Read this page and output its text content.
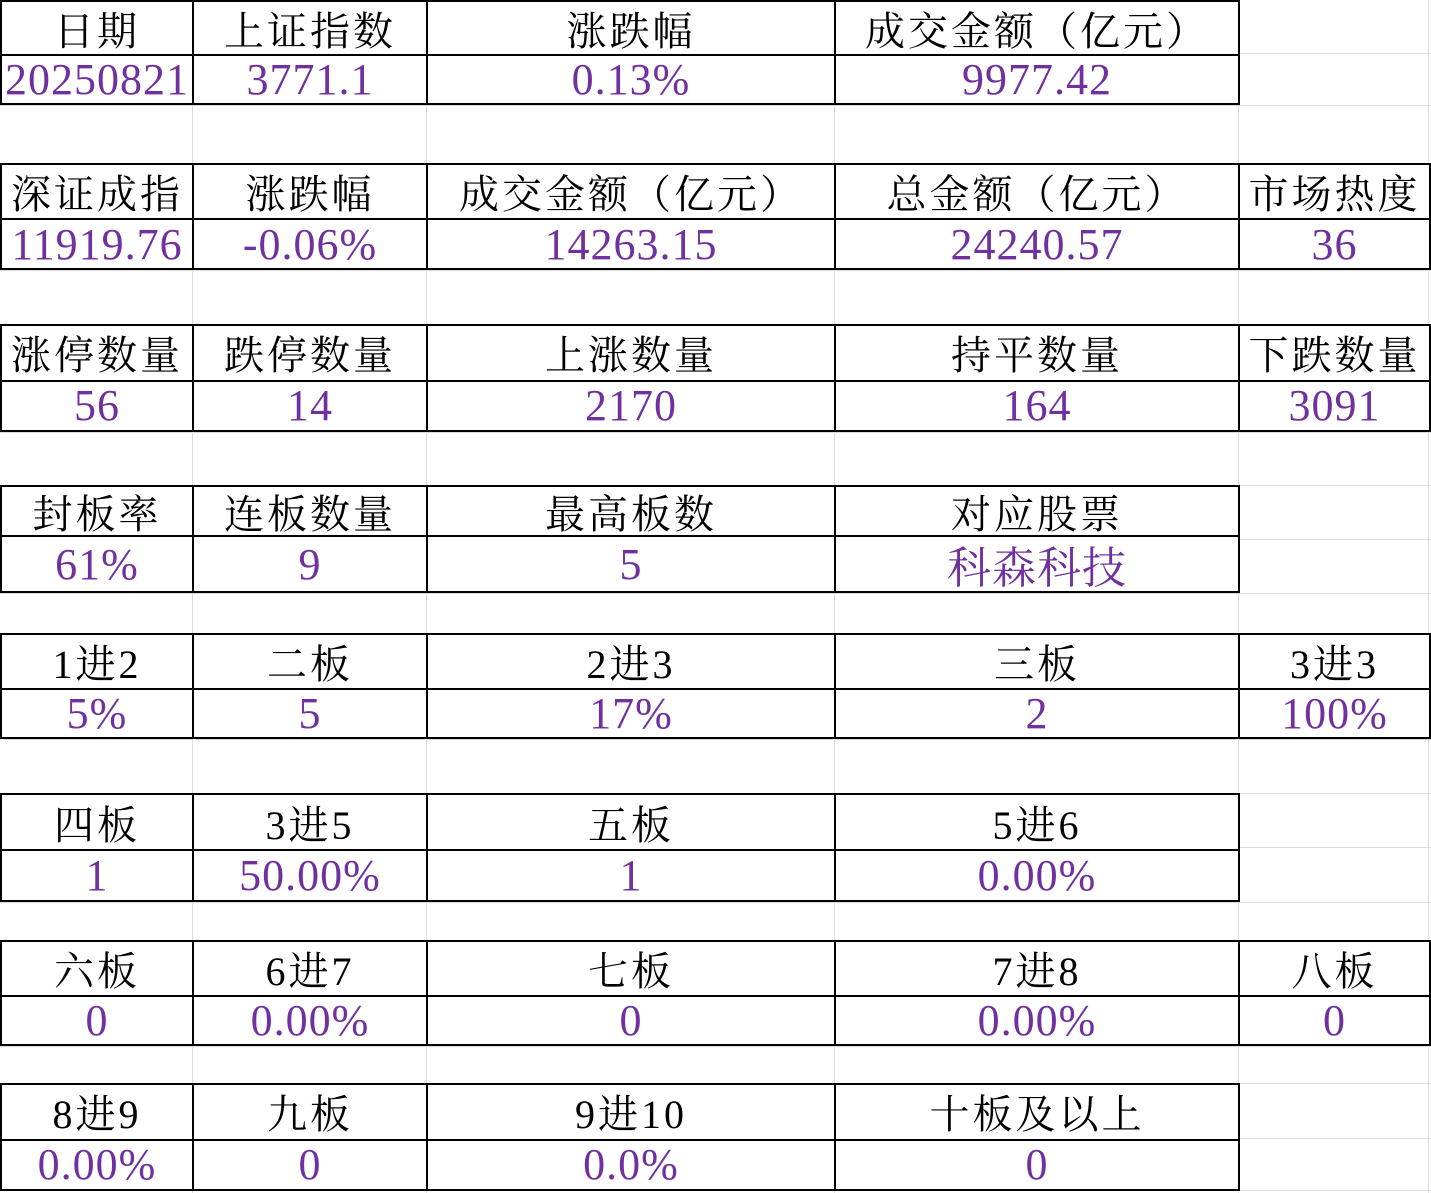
日期	上证指数	涨跌幅	成交金额（亿元）
20250821	3771.1	0.13%	9977.42
深证成指	涨跌幅	成交金额（亿元）	总金额（亿元）	市场热度
11919.76	-0.06%	14263.15	24240.57	36
涨停数量	跌停数量	上涨数量	持平数量	下跌数量
56	14	2170	164	3091
封板率	连板数量	最高板数	对应股票
61%	9	5	科森科技
1进2	二板	2进3	三板	3进3
5%	5	17%	2	100%
四板	3进5	五板	5进6
1	50.00%	1	0.00%
六板	6进7	七板	7进8	八板
0	0.00%	0	0.00%	0
8进9	九板	9进10	十板及以上
0.00%	0	0.0%	0
